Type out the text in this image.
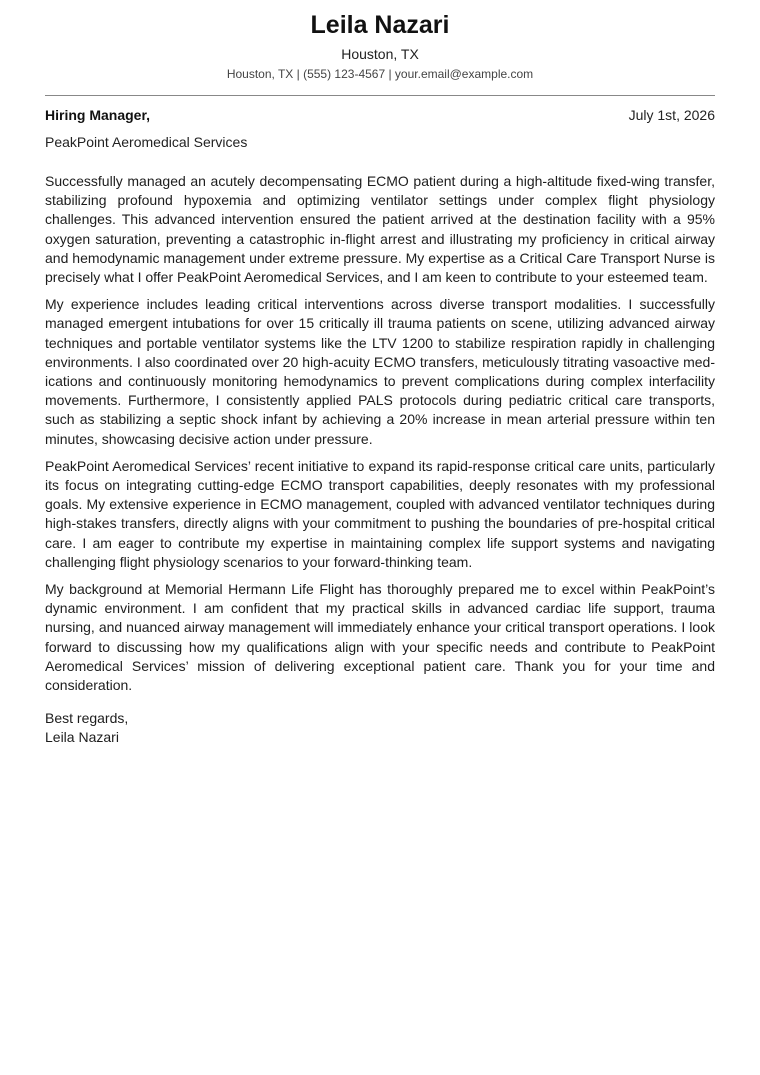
Leila Nazari
Houston, TX
Houston, TX | (555) 123-4567 | your.email@example.com
Hiring Manager,	July 1st, 2026
PeakPoint Aeromedical Services

Successfully managed an acutely decompensating ECMO patient during a high-altitude fixed-wing transfer, stabilizing profound hypoxemia and optimizing ventilator settings under complex flight physiology challenges. This advanced intervention ensured the patient arrived at the destination facility with a 95% oxygen saturation, preventing a catastrophic in-flight arrest and illustrating my proficiency in critical airway and hemodynamic management under extreme pressure. My expertise as a Critical Care Transport Nurse is precisely what I offer PeakPoint Aeromedical Services, and I am keen to contribute to your esteemed team.

My experience includes leading critical interventions across diverse transport modalities. I successfully managed emergent intubations for over 15 critically ill trauma patients on scene, utilizing advanced airway techniques and portable ventilator systems like the LTV 1200 to stabilize respiration rapidly in challenging environments. I also coordinated over 20 high-acuity ECMO transfers, meticulously titrating vasoactive medications and continuously monitoring hemodynamics to prevent complications during complex interfacility movements. Furthermore, I consistently applied PALS protocols during pediatric critical care transports, such as stabilizing a septic shock infant by achieving a 20% increase in mean arterial pressure within ten minutes, showcasing decisive action under pressure.

PeakPoint Aeromedical Services’ recent initiative to expand its rapid-response critical care units, particularly its focus on integrating cutting-edge ECMO transport capabilities, deeply resonates with my professional goals. My extensive experience in ECMO management, coupled with advanced ventilator techniques during high-stakes transfers, directly aligns with your commitment to pushing the boundaries of pre-hospital critical care. I am eager to contribute my expertise in maintaining complex life support systems and navigating challenging flight physiology scenarios to your forward-thinking team.

My background at Memorial Hermann Life Flight has thoroughly prepared me to excel within PeakPoint’s dynamic environment. I am confident that my practical skills in advanced cardiac life support, trauma nursing, and nuanced airway management will immediately enhance your critical transport operations. I look forward to discussing how my qualifications align with your specific needs and contribute to PeakPoint Aeromedical Services’ mission of delivering exceptional patient care. Thank you for your time and consideration.

Best regards,
Leila Nazari
